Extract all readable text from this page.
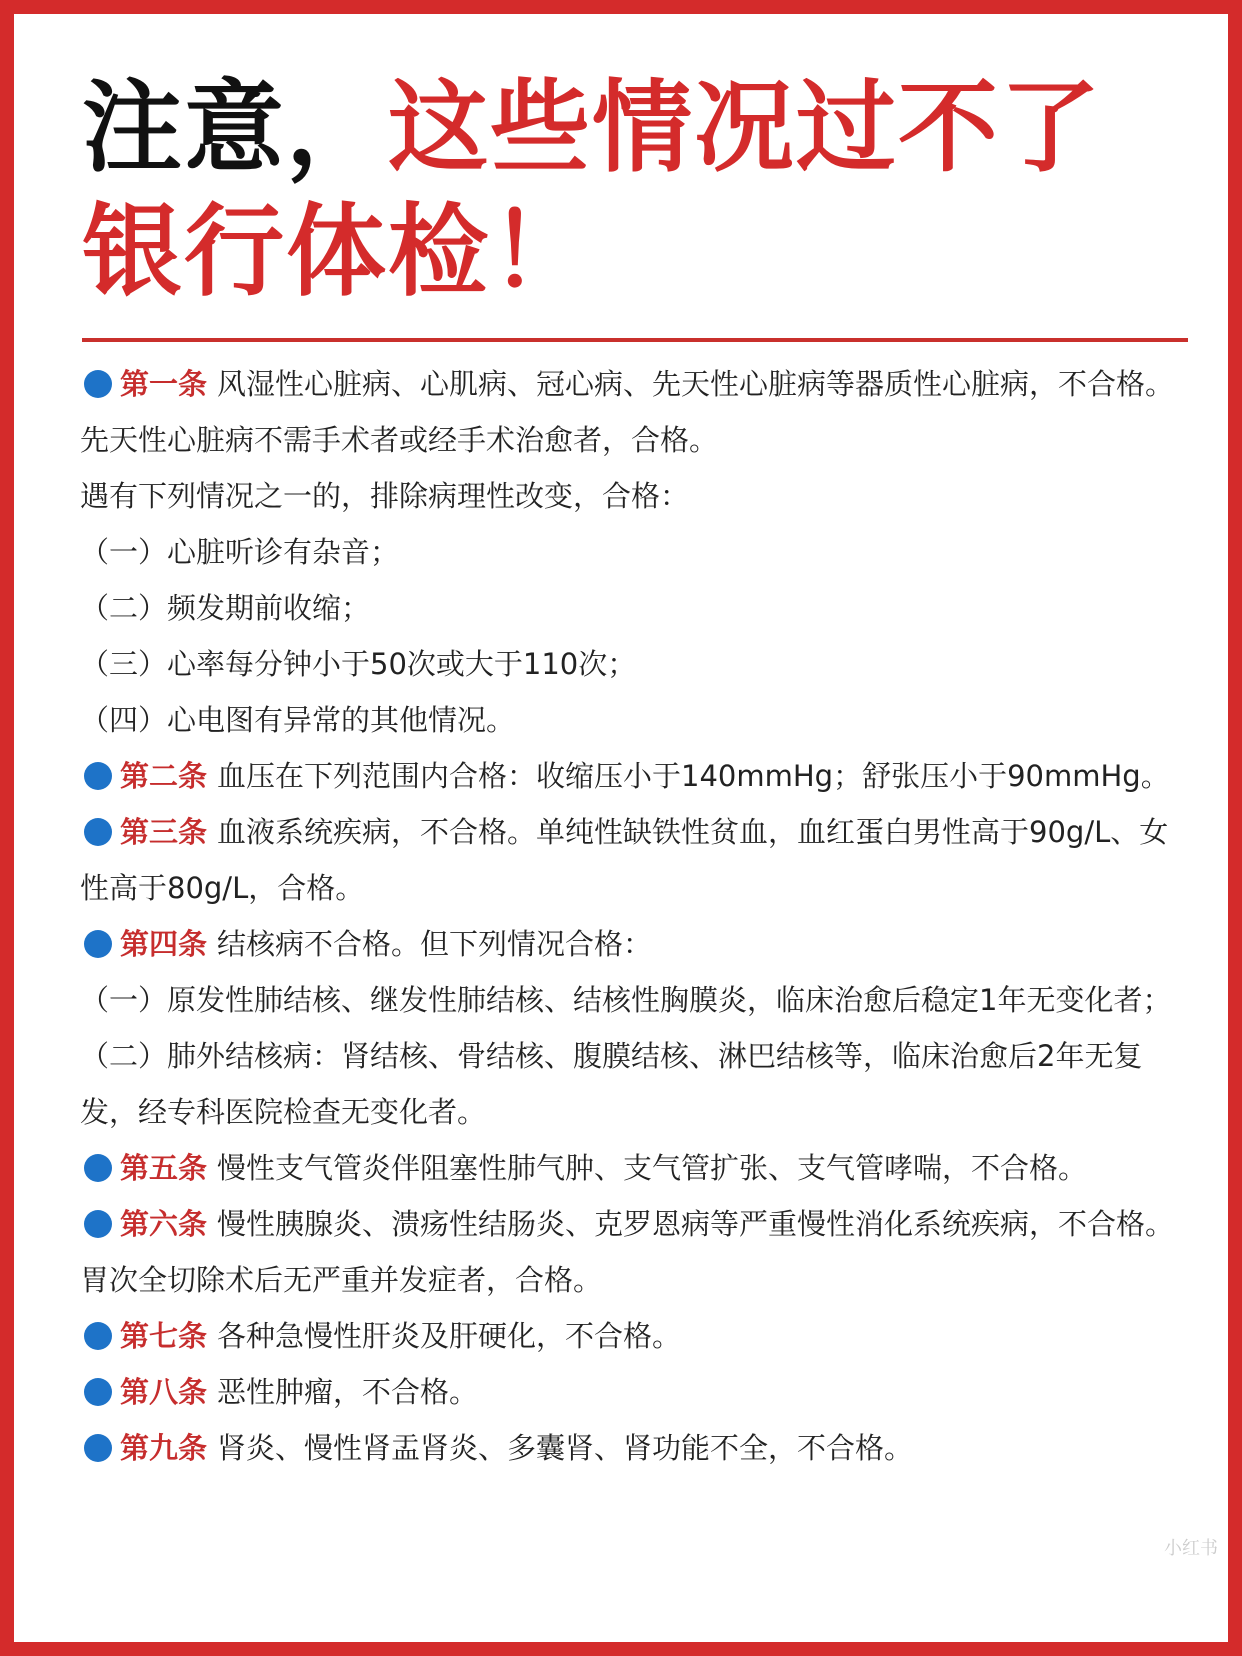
注意，这些情况过不了
银行体检！

第一条 风湿性心脏病、心肌病、冠心病、先天性心脏病等器质性心脏病，不合格。先天性心脏病不需手术者或经手术治愈者，合格。

遇有下列情况之一的，排除病理性改变，合格：

（一）心脏听诊有杂音；

（二）频发期前收缩；

（三）心率每分钟小于50次或大于110次；

（四）心电图有异常的其他情况。

第二条 血压在下列范围内合格：收缩压小于140mmHg；舒张压小于90mmHg。

第三条 血液系统疾病，不合格。单纯性缺铁性贫血，血红蛋白男性高于90g/L、女性高于80g/L，合格。

第四条 结核病不合格。但下列情况合格：

（一）原发性肺结核、继发性肺结核、结核性胸膜炎，临床治愈后稳定1年无变化者；

（二）肺外结核病：肾结核、骨结核、腹膜结核、淋巴结核等，临床治愈后2年无复发，经专科医院检查无变化者。

第五条 慢性支气管炎伴阻塞性肺气肿、支气管扩张、支气管哮喘，不合格。

第六条 慢性胰腺炎、溃疡性结肠炎、克罗恩病等严重慢性消化系统疾病，不合格。胃次全切除术后无严重并发症者，合格。

第七条 各种急慢性肝炎及肝硬化，不合格。

第八条 恶性肿瘤，不合格。

第九条 肾炎、慢性肾盂肾炎、多囊肾、肾功能不全，不合格。

小红书
